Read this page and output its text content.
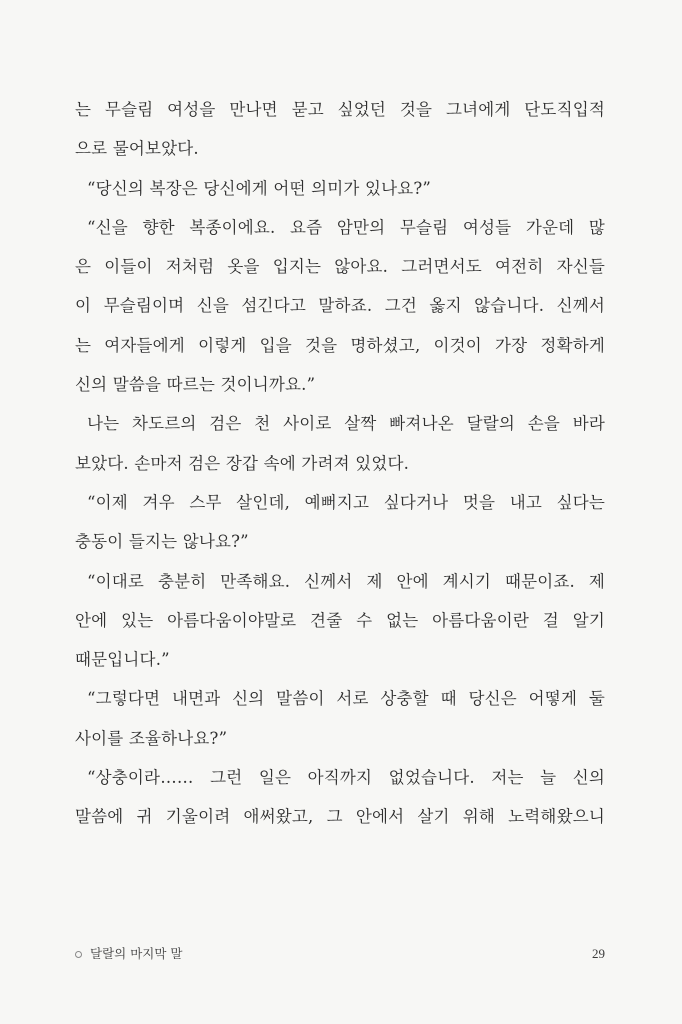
는 무슬림 여성을 만나면 묻고 싶었던 것을 그녀에게 단도직입적
으로 물어보았다.
“당신의 복장은 당신에게 어떤 의미가 있나요?”
“신을 향한 복종이에요. 요즘 암만의 무슬림 여성들 가운데 많
은 이들이 저처럼 옷을 입지는 않아요. 그러면서도 여전히 자신들
이 무슬림이며 신을 섬긴다고 말하죠. 그건 옳지 않습니다. 신께서
는 여자들에게 이렇게 입을 것을 명하셨고, 이것이 가장 정확하게
신의 말씀을 따르는 것이니까요.”
나는 차도르의 검은 천 사이로 살짝 빠져나온 달랄의 손을 바라
보았다. 손마저 검은 장갑 속에 가려져 있었다.
“이제 겨우 스무 살인데, 예뻐지고 싶다거나 멋을 내고 싶다는
충동이 들지는 않나요?”
“이대로 충분히 만족해요. 신께서 제 안에 계시기 때문이죠. 제
안에 있는 아름다움이야말로 견줄 수 없는 아름다움이란 걸 알기
때문입니다.”
“그렇다면 내면과 신의 말씀이 서로 상충할 때 당신은 어떻게 둘
사이를 조율하나요?”
“상충이라…… 그런 일은 아직까지 없었습니다. 저는 늘 신의
말씀에 귀 기울이려 애써왔고, 그 안에서 살기 위해 노력해왔으니
달랄의 마지막 말	29
